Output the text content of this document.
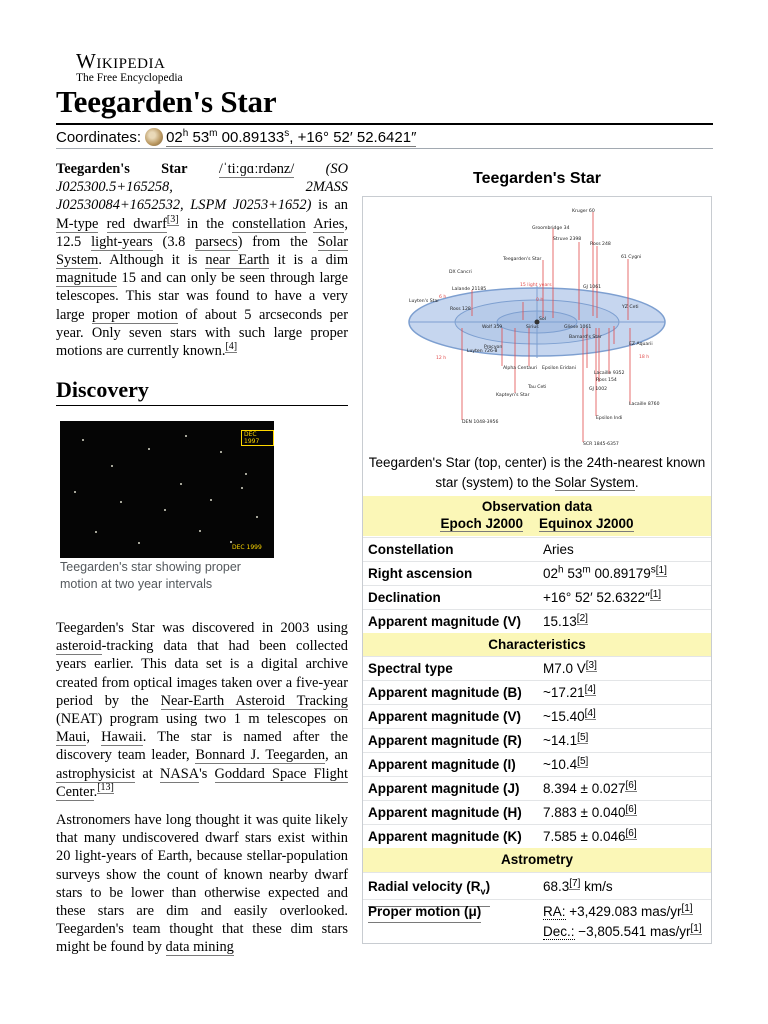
Wikipedia
The Free Encyclopedia
Teegarden's Star
Coordinates: 02$^h$ 53$^m$ $00.89133^s$, +16° 52′ 52.6421″
Teegarden's Star /ˈtiːɡɑːrdənz/ (SO J025300.5+165258, 2MASS J02530084+1652532, LSPM J0253+1652) is an M-type red dwarf[3] in the constellation Aries, 12.5 light-years (3.8 parsecs) from the Solar System. Although it is near Earth it is a dim magnitude 15 and can only be seen through large telescopes. This star was found to have a very large proper motion of about 5 arcseconds per year. Only seven stars with such large proper motions are currently known.[4]
Discovery
DEC 1997
DEC 1999
Teegarden's star showing proper motion at two year intervals
Teegarden's Star was discovered in 2003 using asteroid-tracking data that had been collected years earlier. This data set is a digital archive created from optical images taken over a five-year period by the Near-Earth Asteroid Tracking (NEAT) program using two 1 m telescopes on Maui, Hawaii. The star is named after the discovery team leader, Bonnard J. Teegarden, an astrophysicist at NASA's Goddard Space Flight Center.[13]
Astronomers have long thought it was quite likely that many undiscovered dwarf stars exist within 20 light-years of Earth, because stellar-population surveys show the count of known nearby dwarf stars to be lower than otherwise expected and these stars are dim and easily overlooked. Teegarden's team thought that these dim stars might be found by data mining
Teegarden's Star
Sol
Kruger 60
Groombridge 34
Struve 2398
Ross 248
61 Cygni
GJ 1061
Teegarden's Star
15 light years
Luyten's Star
Gliese 1061
Lalande 21185
Ross 128
Wolf 359
Barnard's Star
Epsilon Eridani
Procyon
Sirius
Luyten 726-8
Lacaille 9352
Ross 154
Lacaille 8760
Epsilon Indi
EZ Aquarii
Kapteyn's Star
DEN 1048-3956
Alpha Centauri
Tau Ceti	GJ 1002
SCR 1845-6357
0 h
6 h
12 h	18 h
DX Cancri
YZ Ceti
Teegarden's Star (top, center) is the 24th-nearest known star (system) to the Solar System.
Observation data
Epoch J2000 Equinox J2000
Constellation	Aries
Right ascension	02$^h$ 53$^m$ $00.89179^{s[1]}$
Declination	+16° 52′ 52.6322″[1]
Apparent magnitude (V) 15.13[2]
Characteristics
Spectral type	M7.0 V[3]
Apparent magnitude (B) ~17.21[4]
Apparent magnitude (V) ~15.40[4]
Apparent magnitude (R) ~14.1[5]
Apparent magnitude (I) ~10.4[5]
Apparent magnitude (J) 8.394 ± 0.027[6]
Apparent magnitude (H) 7.883 ± 0.040[6]
Apparent magnitude (K) 7.585 ± 0.046[6]
Astrometry
Radial velocity $(R_v)$	68.3[7] km/s
Proper motion (μ)	RA: +3,429.083 mas/yr[1]
Dec.: −3,805.541 mas/yr[1]
